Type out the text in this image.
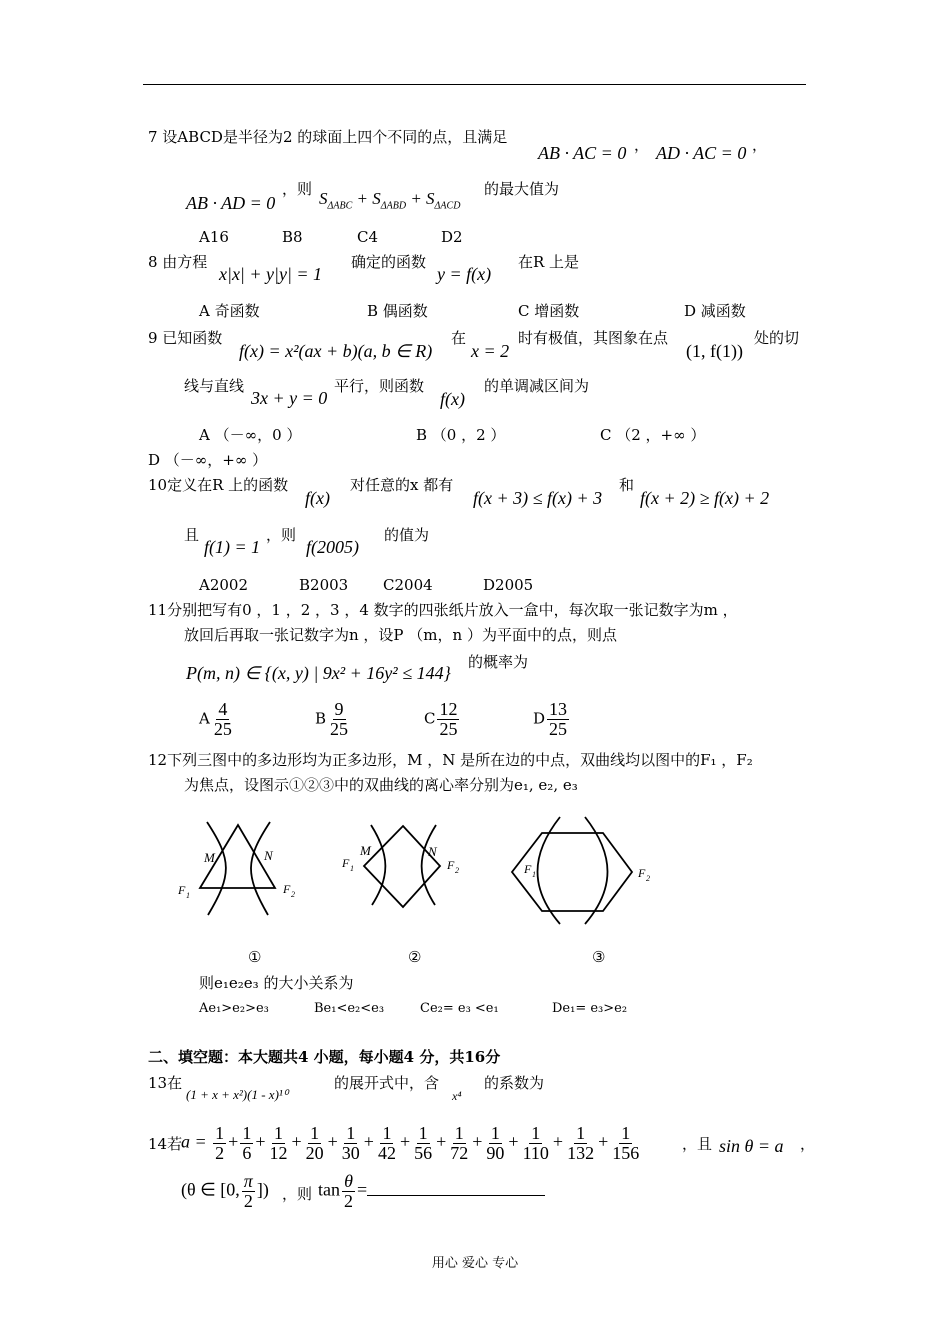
7 设ABCD是半径为2 的球面上四个不同的点，且满足
AB · AC = 0 ， AD · AC = 0 ，
AB · AD = 0
，则 $S_{\Delta ABC} + S_{\Delta ABD} + S_{\Delta ACD}$
的最大值为
A16	B8	C4	D2
8 由方程
x|x| + y|y| = 1
确定的函数
y = f(x)
在R 上是
A 奇函数	B 偶函数	C 增函数	D 减函数
9 已知函数
f(x) = x²(ax + b)(a, b ∈ R)
在
x = 2
时有极值，其图象在点
(1, f(1))
处的切
线与直线
3x + y = 0
平行，则函数
f(x)
的单调减区间为
A （－∞，0 ）	B （0 ，2 ）	C （2 ，+∞ ）
D （－∞，+∞ ）
10定义在R 上的函数
f(x)
对任意的x 都有
f(x + 3) ≤ f(x) + 3
和
f(x + 2) ≥ f(x) + 2
且
f(1) = 1
，则
f(2005)
的值为
A2002	B2003 C2004	D2005
11分别把写有0 ，1 ，2 ，3 ，4 数字的四张纸片放入一盒中，每次取一张记数字为m ，
放回后再取一张记数字为n ，设P （m，n ）为平面中的点，则点
P(m, n) ∈ {(x, y) | 9x² + 16y² ≤ 144}
的概率为
A $\frac{4}{25}$	B $\frac{9}{25}$	C $\frac{12}{25}$	D $\frac{13}{25}$
12下列三图中的多边形均为正多边形，M ，N 是所在边的中点，双曲线均以图中的F₁ ，F₂
为焦点，设图示①②③中的双曲线的离心率分别为e₁, e₂, e₃
M	N
F 1	F 2
M	N
F 1	F 2	F 1	F 2
①	②	③
则e₁e₂e₃ 的大小关系为
Ae₁>e₂>e₃	Be₁<e₂<e₃	Ce₂= e₃ <e₁	De₁= e₃>e₂
二、填空题：本大题共4 小题，每小题4 分，共16分
13在
(1 + x + x²)(1 - x)¹⁰
的展开式中，含
x⁴
的系数为
14若
$a = \frac{1}{2} + \frac{1}{6} + \frac{1}{12} + \frac{1}{20} + \frac{1}{30} + \frac{1}{42} + \frac{1}{56} + \frac{1}{72} + \frac{1}{90} + \frac{1}{110} + \frac{1}{132} + \frac{1}{156}$	，且 sin θ = a ，
(θ ∈ [0, $\frac{\pi}{2}$ ]) ，则 $\tan \frac{\theta}{2}$ =
用心 爱心 专心
